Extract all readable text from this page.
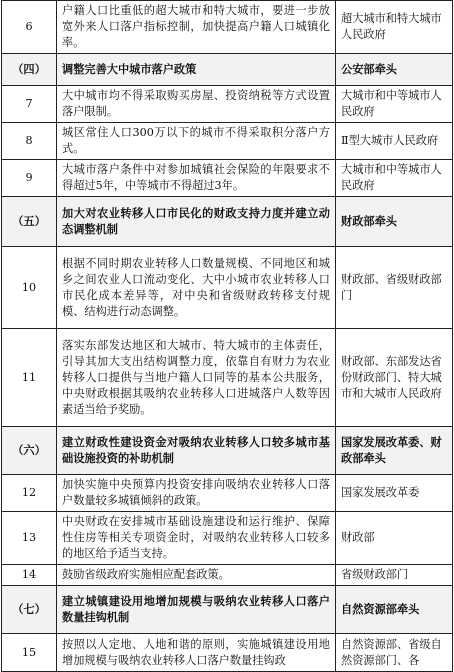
6	户籍人口比重低的超大城市和特大城市，要进一步放宽外来人口落户指标控制，加快提高户籍人口城镇化率。	超大城市和特大城市人民政府
（四）	调整完善大中城市落户政策	公安部牵头
7	大中城市均不得采取购买房屋、投资纳税等方式设置落户限制。	大城市和中等城市人民政府
8	城区常住人口300万以下的城市不得采取积分落户方式。	Ⅱ型大城市人民政府
9	大城市落户条件中对参加城镇社会保险的年限要求不得超过5年，中等城市不得超过3年。	大城市和中等城市人民政府
（五）	加大对农业转移人口市民化的财政支持力度并建立动态调整机制	财政部牵头
10	根据不同时期农业转移人口数量规模、不同地区和城乡之间农业人口流动变化、大中小城市农业转移人口市民化成本差异等，对中央和省级财政转移支付规模、结构进行动态调整。	财政部、省级财政部门
11	落实东部发达地区和大城市、特大城市的主体责任，引导其加大支出结构调整力度，依靠自有财力为农业转移人口提供与当地户籍人口同等的基本公共服务，中央财政根据其吸纳农业转移人口进城落户人数等因素适当给予奖励。	财政部、东部发达省份财政部门、特大城市和大城市人民政府
（六）	建立财政性建设资金对吸纳农业转移人口较多城市基础设施投资的补助机制	国家发展改革委、财政部牵头
12	加快实施中央预算内投资安排向吸纳农业转移人口落户数量较多城镇倾斜的政策。	国家发展改革委
13	中央财政在安排城市基础设施建设和运行维护、保障性住房等相关专项资金时，对吸纳农业转移人口较多的地区给予适当支持。	财政部
14	鼓励省级政府实施相应配套政策。	省级财政部门
（七）	建立城镇建设用地增加规模与吸纳农业转移人口落户数量挂钩机制	自然资源部牵头
15	按照以人定地、人地和谐的原则，实施城镇建设用地增加规模与吸纳农业转移人口落户数量挂钩政	自然资源部、省级自然资源部门、各
